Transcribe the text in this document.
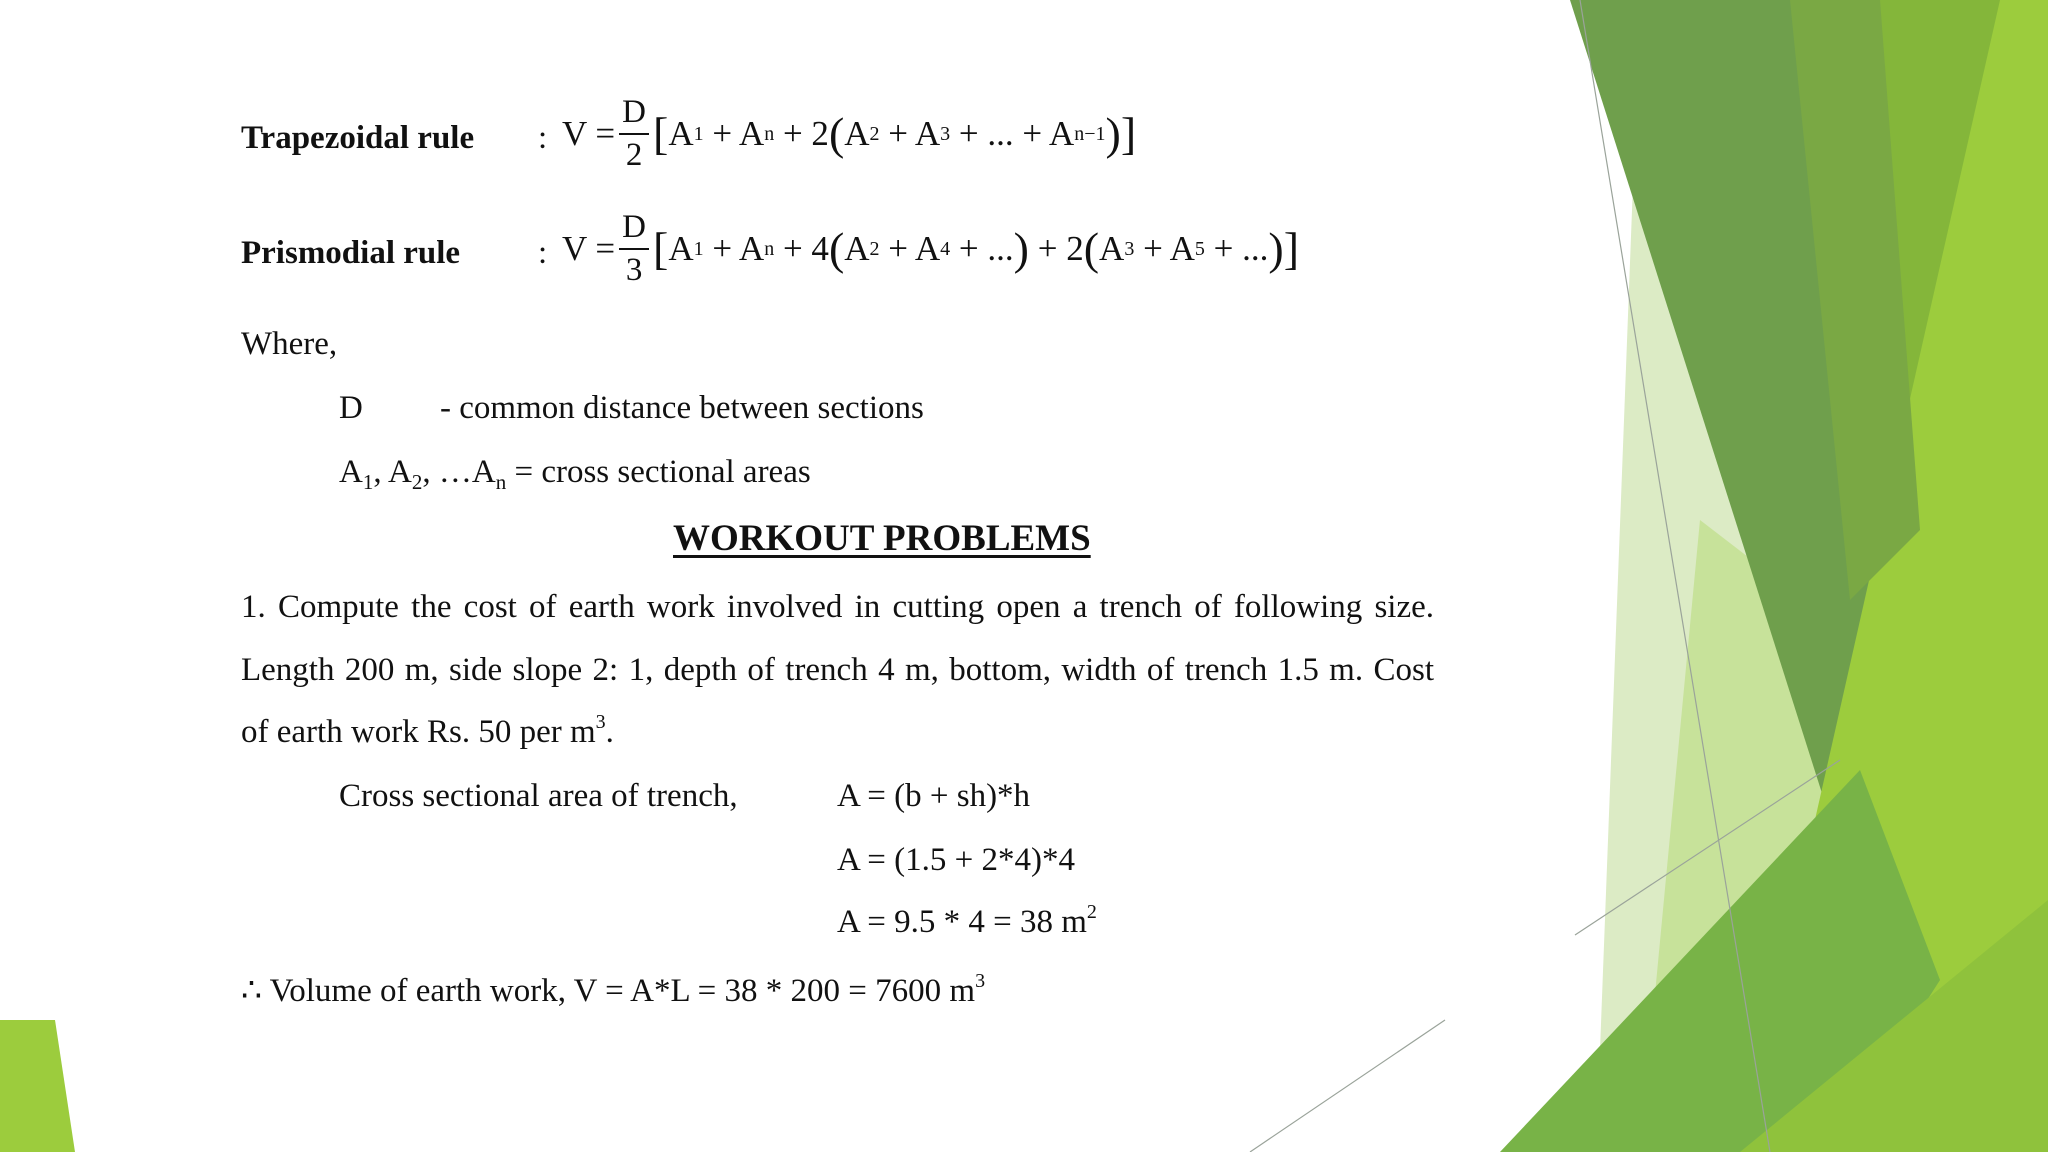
Trapezoidal rule : $V = \frac{D}{2}$ [ A 1 + A n + 2 ( A 2 + A 3 + ... + A n−1 ) ]
Prismodial rule : $V = \frac{D}{3}$ [ A 1 + A n + 4 ( A 2 + A 4 + ... ) + 2 ( A 3 + A 5 + ... ) ]
Where,
D - common distance between sections
$A_1$, $A_2$, $\dots A_n$ = cross sectional areas
WORKOUT PROBLEMS
1. Compute the cost of earth work involved in cutting open a trench of following size.
Length 200 m, side slope 2: 1, depth of trench 4 m, bottom, width of trench 1.5 m. Cost
of earth work Rs. 50 per $m^3$.
Cross sectional area of trench,	A = (b + sh)*h
A = (1.5 + 2*4)*4
A = 9.5 * 4 = 38 $m^2$
∴ Volume of earth work, V = A*L = 38 * 200 = 7600 $m^3$
